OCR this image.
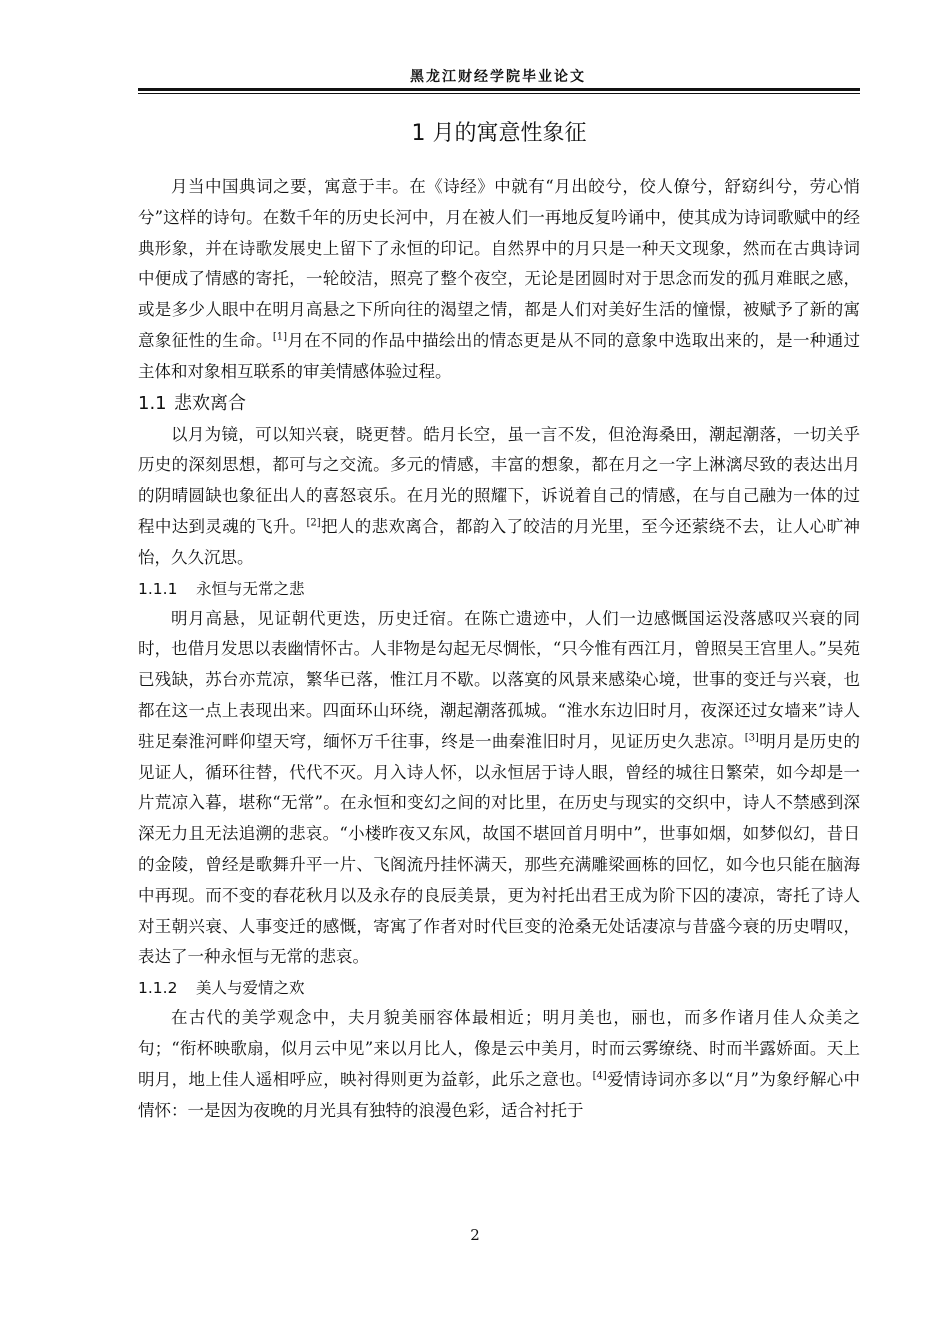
黑龙江财经学院毕业论文
1 月的寓意性象征

月当中国典词之要，寓意于丰。在《诗经》中就有“月出皎兮，佼人僚兮，舒窈纠兮，劳心悄兮”这样的诗句。在数千年的历史长河中，月在被人们一再地反复吟诵中，使其成为诗词歌赋中的经典形象，并在诗歌发展史上留下了永恒的印记。自然界中的月只是一种天文现象，然而在古典诗词中便成了情感的寄托，一轮皎洁，照亮了整个夜空，无论是团圆时对于思念而发的孤月难眠之感，或是多少人眼中在明月高悬之下所向往的渴望之情，都是人们对美好生活的憧憬，被赋予了新的寓意象征性的生命。[1]月在不同的作品中描绘出的情态更是从不同的意象中选取出来的，是一种通过主体和对象相互联系的审美情感体验过程。

1.1 悲欢离合

以月为镜，可以知兴衰，晓更替。皓月长空，虽一言不发，但沧海桑田，潮起潮落，一切关乎历史的深刻思想，都可与之交流。多元的情感，丰富的想象，都在月之一字上淋漓尽致的表达出月的阴晴圆缺也象征出人的喜怒哀乐。在月光的照耀下，诉说着自己的情感，在与自己融为一体的过程中达到灵魂的飞升。[2]把人的悲欢离合，都韵入了皎洁的月光里，至今还萦绕不去，让人心旷神怡，久久沉思。

1.1.1 永恒与无常之悲

明月高悬，见证朝代更迭，历史迁宿。在陈亡遗迹中，人们一边感慨国运没落感叹兴衰的同时，也借月发思以表幽情怀古。人非物是勾起无尽惆怅，“只今惟有西江月，曾照吴王宫里人。”吴苑已残缺，苏台亦荒凉，繁华已落，惟江月不歇。以落寞的风景来感染心境，世事的变迁与兴衰，也都在这一点上表现出来。四面环山环绕，潮起潮落孤城。“淮水东边旧时月，夜深还过女墙来”诗人驻足秦淮河畔仰望天穹，缅怀万千往事，终是一曲秦淮旧时月，见证历史久悲凉。[3]明月是历史的见证人，循环往替，代代不灭。月入诗人怀，以永恒居于诗人眼，曾经的城往日繁荣，如今却是一片荒凉入暮，堪称“无常”。在永恒和变幻之间的对比里，在历史与现实的交织中，诗人不禁感到深深无力且无法追溯的悲哀。“小楼昨夜又东风，故国不堪回首月明中”，世事如烟，如梦似幻，昔日的金陵，曾经是歌舞升平一片、飞阁流丹挂怀满天，那些充满雕梁画栋的回忆，如今也只能在脑海中再现。而不变的春花秋月以及永存的良辰美景，更为衬托出君王成为阶下囚的凄凉，寄托了诗人对王朝兴衰、人事变迁的感慨，寄寓了作者对时代巨变的沧桑无处话凄凉与昔盛今衰的历史喟叹，表达了一种永恒与无常的悲哀。

1.1.2 美人与爱情之欢

在古代的美学观念中，夫月貌美丽容体最相近；明月美也，丽也，而多作诸月佳人众美之句；“衔杯映歌扇，似月云中见”来以月比人，像是云中美月，时而云雾缭绕、时而半露娇面。天上明月，地上佳人遥相呼应，映衬得则更为益彰，此乐之意也。[4]爱情诗词亦多以“月”为象纾解心中情怀：一是因为夜晚的月光具有独特的浪漫色彩，适合衬托于

2
